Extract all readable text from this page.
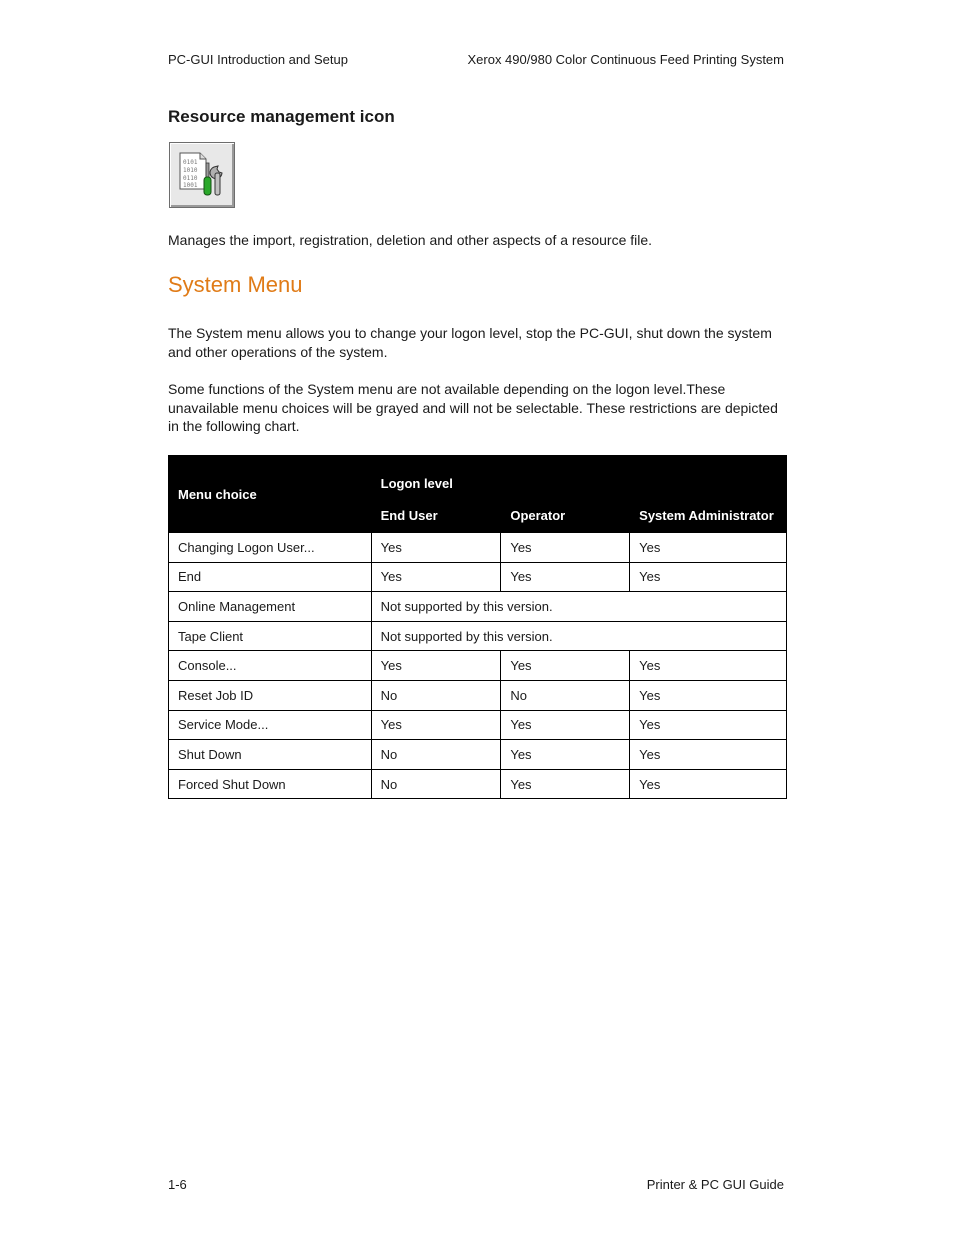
PC-GUI Introduction and Setup	Xerox 490/980 Color Continuous Feed Printing System
Resource management icon
0101
1010
0110
1001

Manages the import, registration, deletion and other aspects of a resource file.

System Menu

The System menu allows you to change your logon level, stop the PC-GUI, shut down the system and other operations of the system.

Some functions of the System menu are not available depending on the logon level.These unavailable menu choices will be grayed and will not be selectable. These restrictions are depicted in the following chart.

Menu choice	Logon level		
	End User	Operator	System Administrator
Changing Logon User...	Yes	Yes	Yes
End	Yes	Yes	Yes
Online Management	Not supported by this version.		
Tape Client	Not supported by this version.		
Console...	Yes	Yes	Yes
Reset Job ID	No	No	Yes
Service Mode...	Yes	Yes	Yes
Shut Down	No	Yes	Yes
Forced Shut Down	No	Yes	Yes
1-6	Printer & PC GUI Guide
